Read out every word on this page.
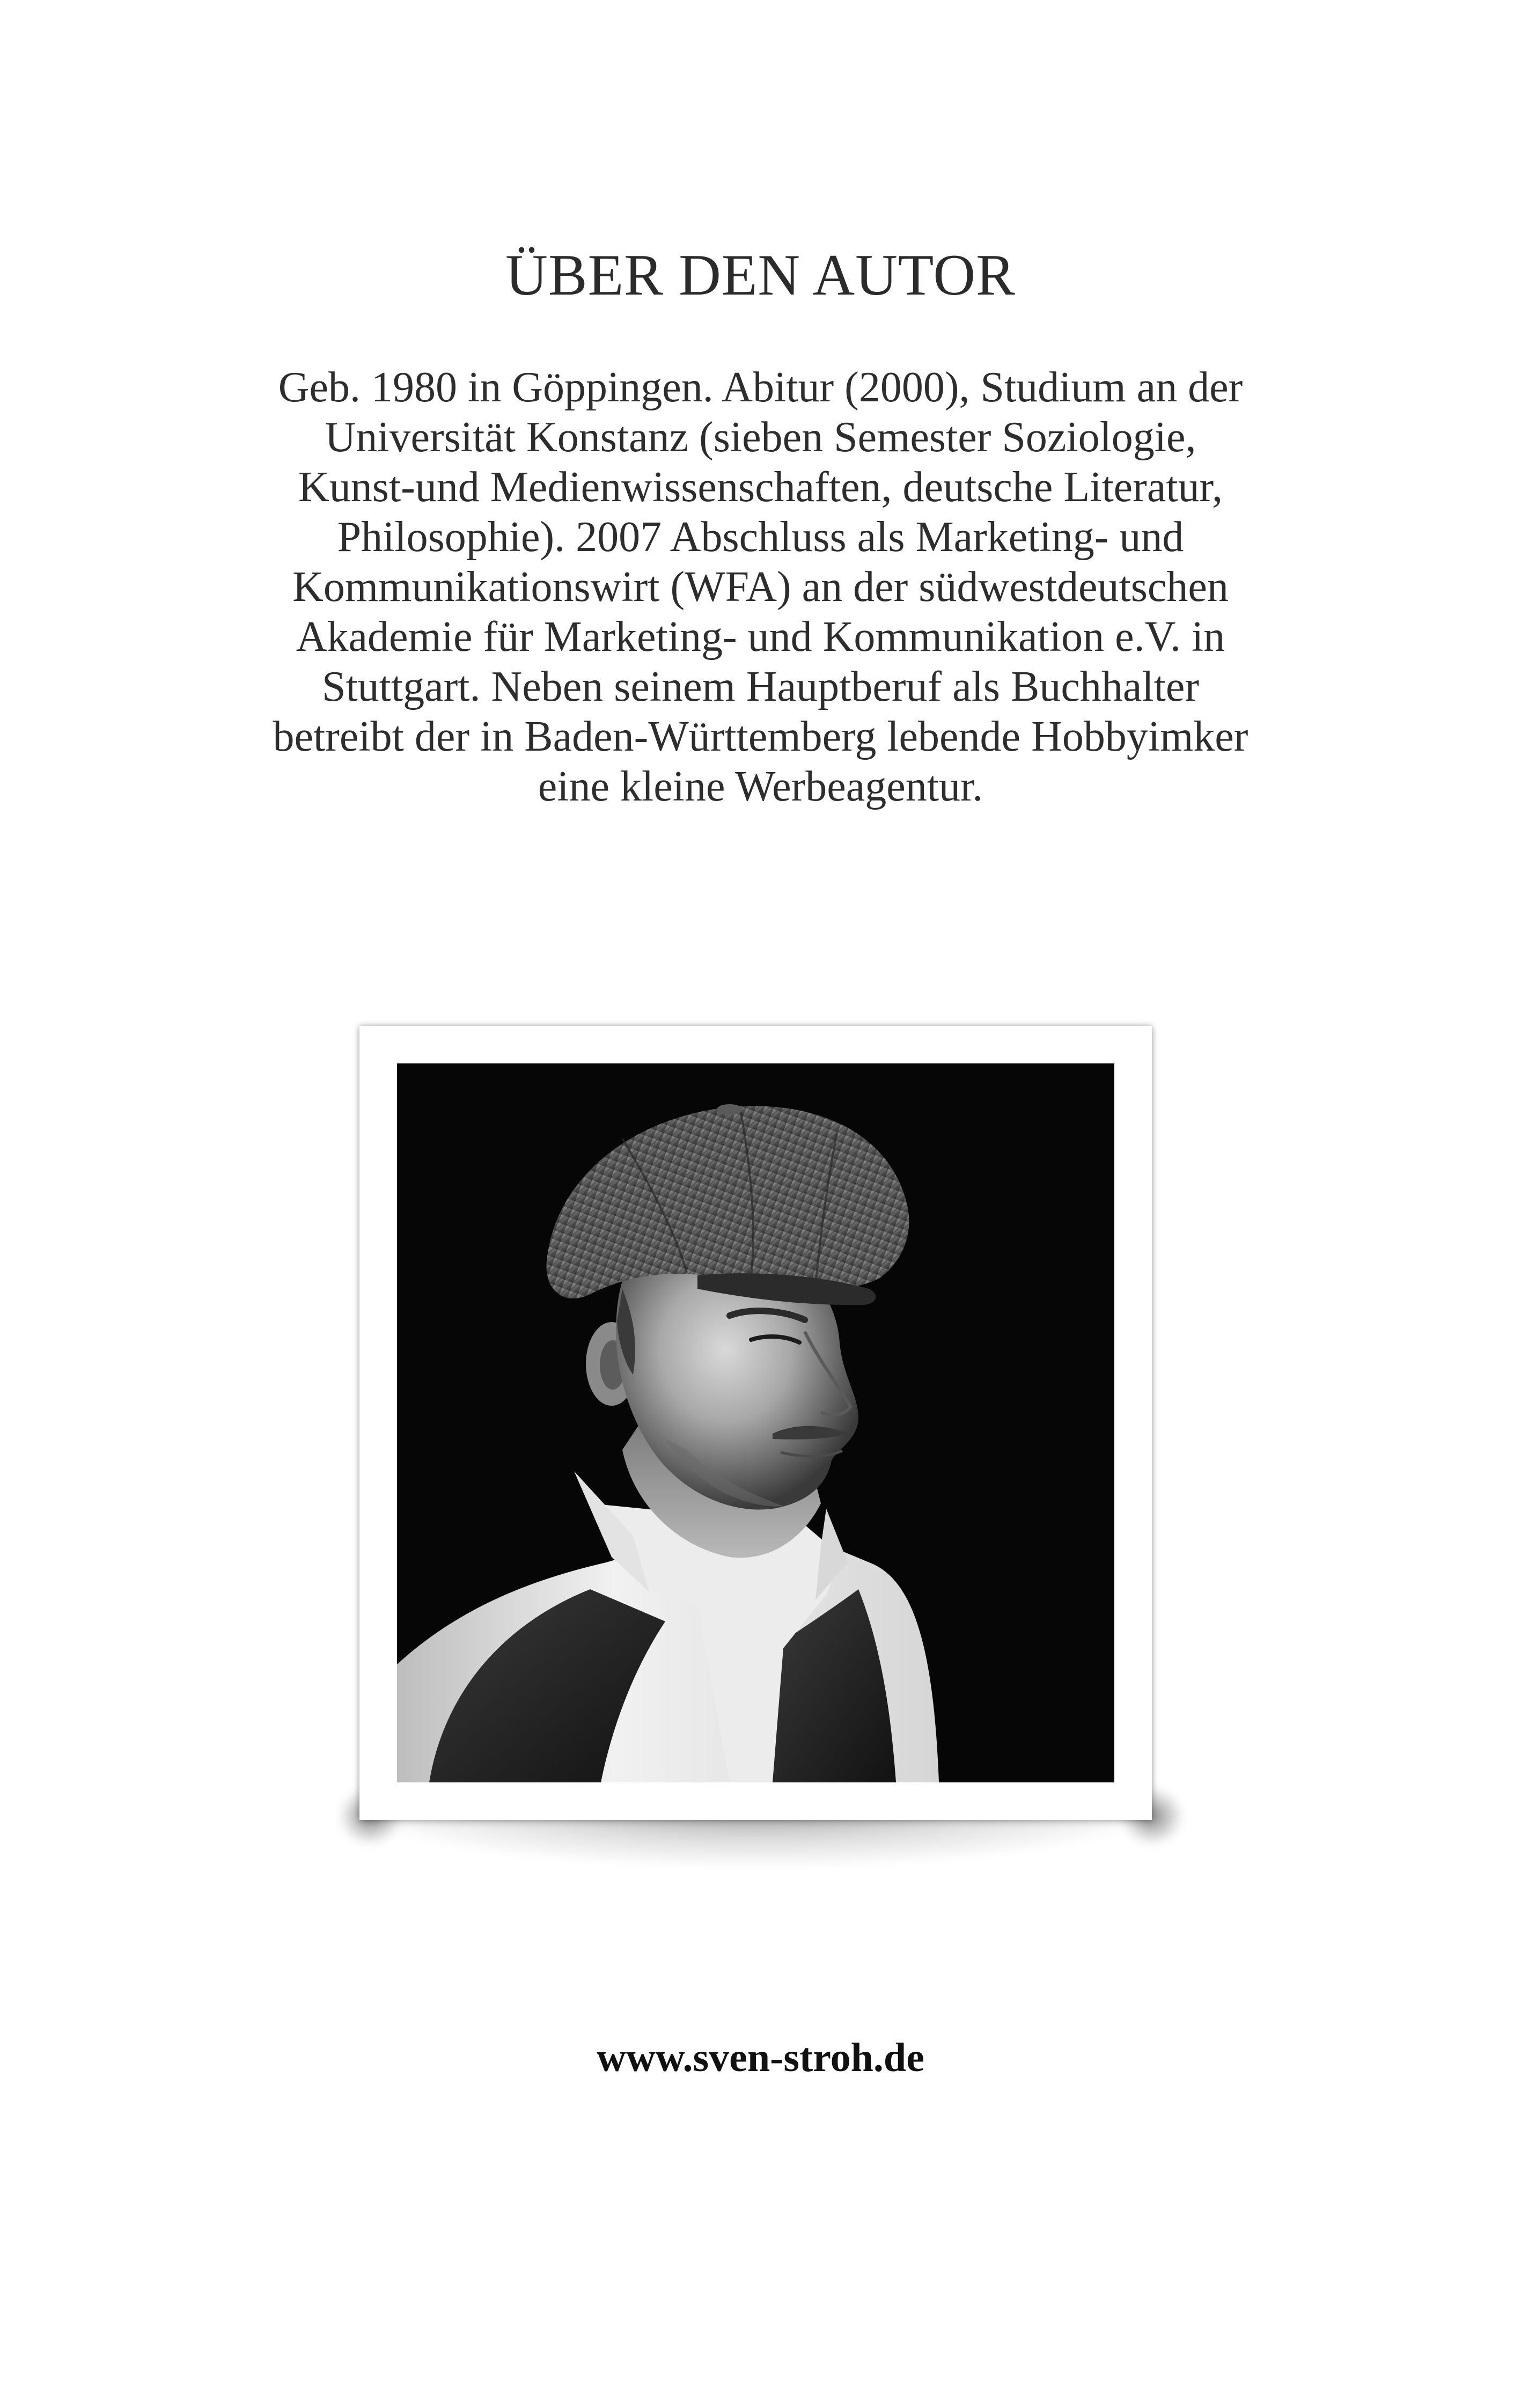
ÜBER DEN AUTOR
Geb. 1980 in Göppingen. Abitur (2000), Studium an der
Universität Konstanz (sieben Semester Soziologie,
Kunst-und Medienwissenschaften, deutsche Literatur,
Philosophie). 2007 Abschluss als Marketing- und
Kommunikationswirt (WFA) an der südwestdeutschen
Akademie für Marketing- und Kommunikation e.V. in
Stuttgart. Neben seinem Hauptberuf als Buchhalter
betreibt der in Baden-Württemberg lebende Hobbyimker
eine kleine Werbeagentur.
www.sven-stroh.de
